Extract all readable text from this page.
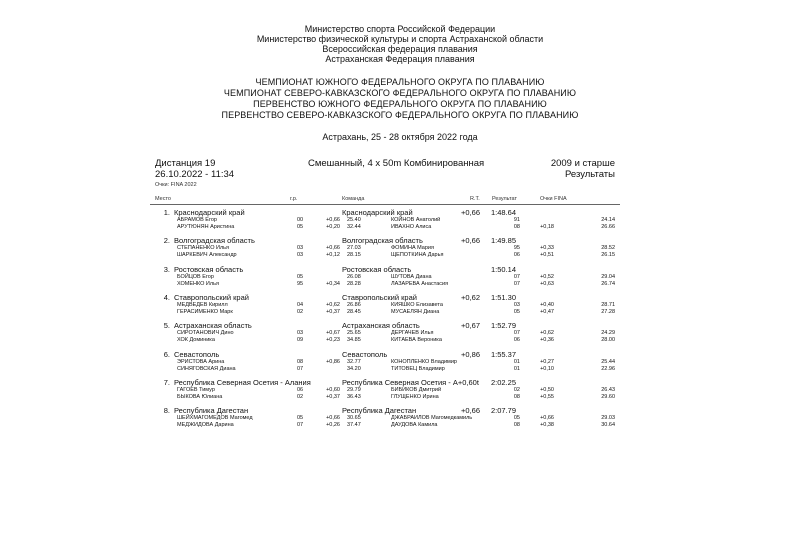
Министерство спорта Российской Федерации
Министерство физической культуры и спорта Астраханской области
Всероссийская федерация плавания
Астраханская Федерация плавания
ЧЕМПИОНАТ ЮЖНОГО ФЕДЕРАЛЬНОГО ОКРУГА ПО ПЛАВАНИЮ
ЧЕМПИОНАТ СЕВЕРО-КАВКАЗСКОГО ФЕДЕРАЛЬНОГО ОКРУГА ПО ПЛАВАНИЮ
ПЕРВЕНСТВО ЮЖНОГО ФЕДЕРАЛЬНОГО ОКРУГА ПО ПЛАВАНИЮ
ПЕРВЕНСТВО СЕВЕРО-КАВКАЗСКОГО ФЕДЕРАЛЬНОГО ОКРУГА ПО ПЛАВАНИЮ
Астрахань, 25 - 28 октября 2022 года
Дистанция 19
26.10.2022 - 11:34
Смешанный, 4 х 50m Комбинированная	2009 и старше
Результаты
Очки: FINA 2022
Место	г.р.	Команда	R.T. Результат	Очки FINA
1. Краснодарский край	Краснодарский край	+0,66 1:48.64
АБРАМОВ Егор	00	+0,66 25.40	КОЙНОВ Анатолий	91	24.14
АРУТЮНЯН Аристина	05	+0,20 32.44	ИВАХНО Алиса	08	+0,18	26.66
2. Волгоградская область	Волгоградская область	+0,66 1:49.85
СТЕПАНЕНКО Илья	03	+0,66 27.03	ФОМИНА Мария	95	+0,33	28.52
ШАРКЕВИЧ Александр	03	+0,12 28.15	ЩЕПОТКИНА Дарья	06	+0,51	26.15
3. Ростовская область	Ростовская область	1:50.14
БОЙЦОВ Егор	05	26.08	ШУТОВА Диана	07	+0,52	29.04
ХОМЕНКО Илья	95	+0,34 28.28	ЛАЗАРЕВА Анастасия	07	+0,63	26.74
4. Ставропольский край	Ставропольский край	+0,62 1:51.30
МЕДВЕДЕВ Кирилл	04	+0,62 26.86	КИЯШКО Елизавета	03	+0,40	28.71
ГЕРАСИМЕНКО Марк	02	+0,37 28.45	МУСАЕЛЯН Диана	05	+0,47	27.28
5. Астраханская область	Астраханская область	+0,67 1:52.79
СИРОТАНОВИЧ Дино	03	+0,67 25.65	ДЕРГАЧЕВ Илья	07	+0,62	24.29
ХОК Доминика	09	+0,23 34.85	КИТАЕВА Вероника	06	+0,36	28.00
6. Севастополь	Севастополь	+0,86 1:55.37
ЭРИСТОВА Арина	08	+0,86 32.77	КОНОПЛЕНКО Владимир	01	+0,27	25.44
СИНЯГОВСКАЯ Диана	07	34.20	ТИТОВЕЦ Владимир	01	+0,10	22.96
7. Республика Северная Осетия - Алания	Республика Северная Осетия - А+0,60t 2:02.25
ГАГОЕВ Тимур	06	+0,60 29.79	БИБИКОВ Дмитрий	02	+0,50	26.43
БЫКОВА Юлиана	02	+0,37 36.43	ГЛУЩЕНКО Ирина	08	+0,55	29.60
8. Республика Дагестан	Республика Дагестан	+0,66 2:07.79
ШЕЙХМАГОМЕДОВ Магомед	05	+0,66 30.65	ДЖАБРАИЛОВ Магомедкамиль	05	+0,66	29.03
МЕДЖИДОВА Дарина	07	+0,26 37.47	ДАУДОВА Камила	08	+0,38	30.64
